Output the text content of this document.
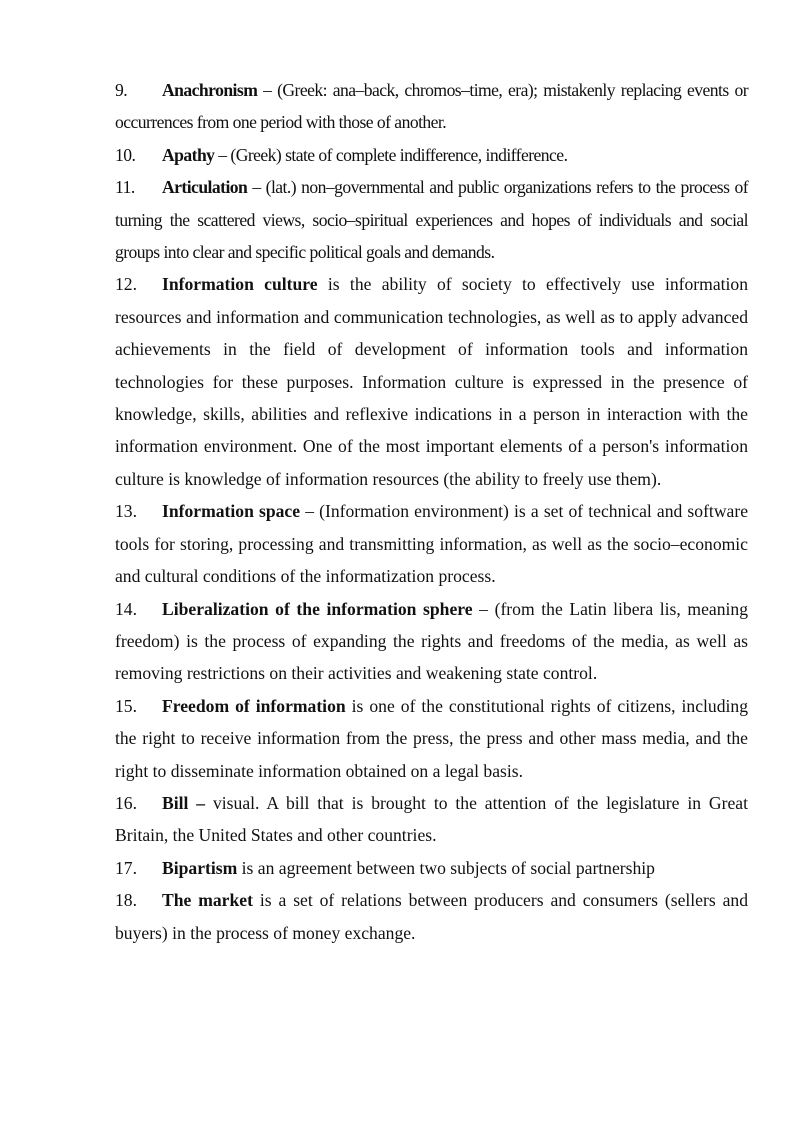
9. Anachronism – (Greek: ana–back, chromos–time, era); mistakenly replacing events or occurrences from one period with those of another.

10. Apathy – (Greek) state of complete indifference, indifference.

11. Articulation – (lat.) non–governmental and public organizations refers to the process of turning the scattered views, socio–spiritual experiences and hopes of individuals and social groups into clear and specific political goals and demands.

12. Information culture is the ability of society to effectively use information resources and information and communication technologies, as well as to apply advanced achievements in the field of development of information tools and information technologies for these purposes. Information culture is expressed in the presence of knowledge, skills, abilities and reflexive indications in a person in interaction with the information environment. One of the most important elements of a person's information culture is knowledge of information resources (the ability to freely use them).

13. Information space – (Information environment) is a set of technical and software tools for storing, processing and transmitting information, as well as the socio–economic and cultural conditions of the informatization process.

14. Liberalization of the information sphere – (from the Latin libera lis, meaning freedom) is the process of expanding the rights and freedoms of the media, as well as removing restrictions on their activities and weakening state control.

15. Freedom of information is one of the constitutional rights of citizens, including the right to receive information from the press, the press and other mass media, and the right to disseminate information obtained on a legal basis.

16. Bill – visual. A bill that is brought to the attention of the legislature in Great Britain, the United States and other countries.

17. Bipartism is an agreement between two subjects of social partnership

18. The market is a set of relations between producers and consumers (sellers and buyers) in the process of money exchange.
